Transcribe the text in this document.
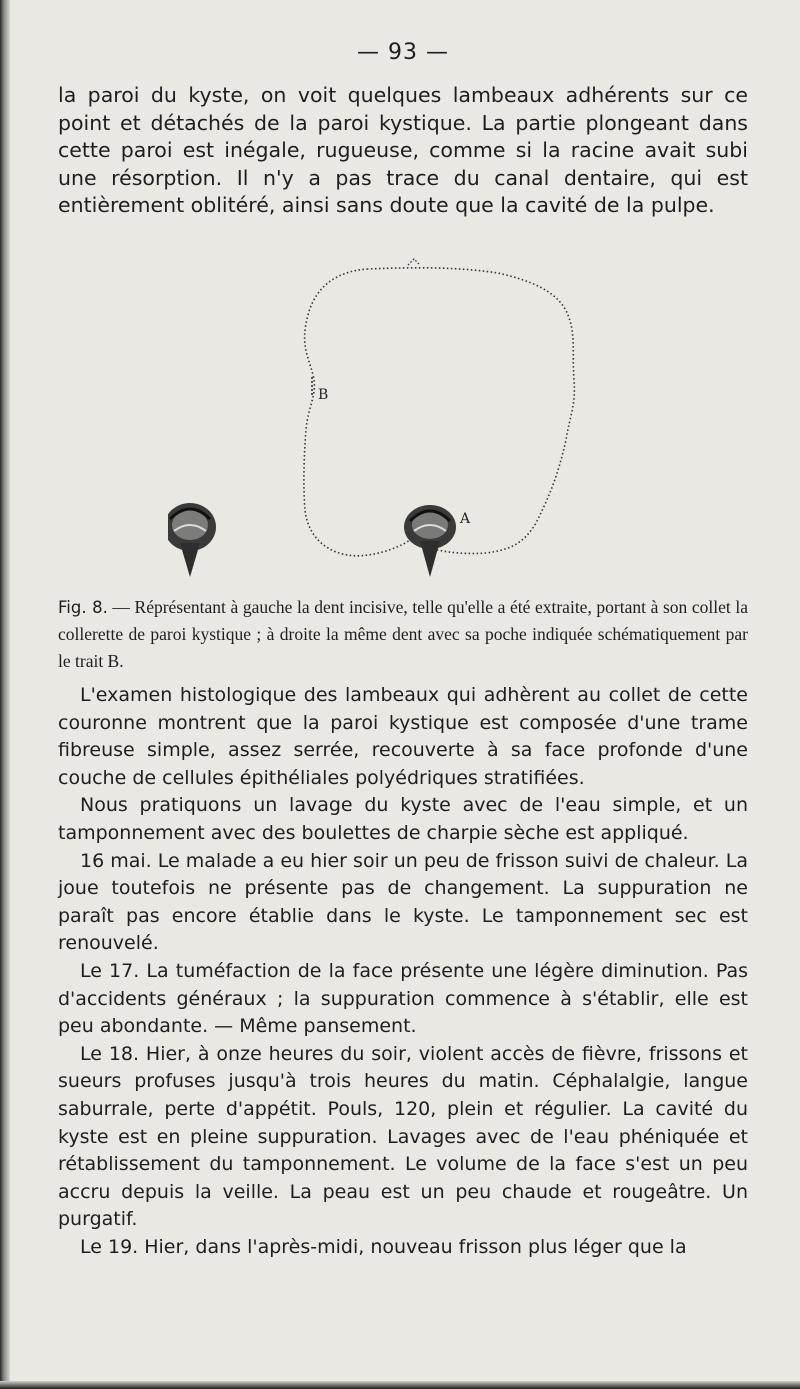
— 93 —

la paroi du kyste, on voit quelques lambeaux adhérents sur ce point et détachés de la paroi kystique. La partie plongeant dans cette paroi est inégale, rugueuse, comme si la racine avait subi une résorption. Il n'y a pas trace du canal dentaire, qui est entièrement oblitéré, ainsi sans doute que la cavité de la pulpe.

B
A

Fig. 8. — Réprésentant à gauche la dent incisive, telle qu'elle a été extraite, portant à son collet la collerette de paroi kystique ; à droite la même dent avec sa poche indiquée schématiquement par le trait B.

L'examen histologique des lambeaux qui adhèrent au collet de cette couronne montrent que la paroi kystique est composée d'une trame fibreuse simple, assez serrée, recouverte à sa face profonde d'une couche de cellules épithéliales polyédriques stratifiées.

Nous pratiquons un lavage du kyste avec de l'eau simple, et un tamponnement avec des boulettes de charpie sèche est appliqué.

16 mai. Le malade a eu hier soir un peu de frisson suivi de chaleur. La joue toutefois ne présente pas de changement. La suppuration ne paraît pas encore établie dans le kyste. Le tamponnement sec est renouvelé.

Le 17. La tuméfaction de la face présente une légère diminution. Pas d'accidents généraux ; la suppuration commence à s'établir, elle est peu abondante. — Même pansement.

Le 18. Hier, à onze heures du soir, violent accès de fièvre, frissons et sueurs profuses jusqu'à trois heures du matin. Céphalalgie, langue saburrale, perte d'appétit. Pouls, 120, plein et régulier. La cavité du kyste est en pleine suppuration. Lavages avec de l'eau phéniquée et rétablissement du tamponnement. Le volume de la face s'est un peu accru depuis la veille. La peau est un peu chaude et rougeâtre. Un purgatif.

Le 19. Hier, dans l'après-midi, nouveau frisson plus léger que la
